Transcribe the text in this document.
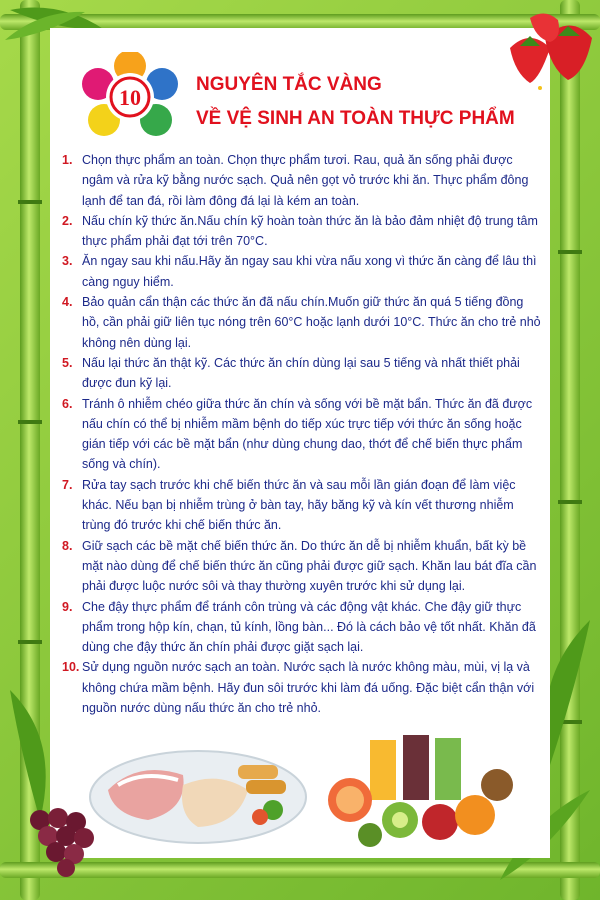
10
NGUYÊN TẮC VÀNG
VỀ VỆ SINH AN TOÀN THỰC PHẨM
1. Chọn thực phẩm an toàn. Chọn thực phẩm tươi. Rau, quả ăn sống phải được ngâm và rửa kỹ bằng nước sạch. Quả nên gọt vỏ trước khi ăn. Thực phẩm đông lạnh để tan đá, rồi làm đông đá lại là kém an toàn.
2. Nấu chín kỹ thức ăn.Nấu chín kỹ hoàn toàn thức ăn là bảo đảm nhiệt độ trung tâm thực phẩm phải đạt tới trên 70°C.
3. Ăn ngay sau khi nấu.Hãy ăn ngay sau khi vừa nấu xong vì thức ăn càng để lâu thì càng nguy hiểm.
4. Bảo quản cẩn thận các thức ăn đã nấu chín.Muốn giữ thức ăn quá 5 tiếng đồng hồ, cần phải giữ liên tục nóng trên 60°C hoặc lạnh dưới 10°C. Thức ăn cho trẻ nhỏ không nên dùng lại.
5. Nấu lại thức ăn thật kỹ. Các thức ăn chín dùng lại sau 5 tiếng và nhất thiết phải được đun kỹ lại.
6. Tránh ô nhiễm chéo giữa thức ăn chín và sống với bề mặt bẩn. Thức ăn đã được nấu chín có thể bị nhiễm mầm bệnh do tiếp xúc trực tiếp với thức ăn sống hoặc gián tiếp với các bề mặt bẩn (như dùng chung dao, thớt để chế biến thực phẩm sống và chín).
7. Rửa tay sạch trước khi chế biến thức ăn và sau mỗi lần gián đoạn để làm việc khác. Nếu bạn bị nhiễm trùng ở bàn tay, hãy băng kỹ và kín vết thương nhiễm trùng đó trước khi chế biến thức ăn.
8. Giữ sạch các bề mặt chế biến thức ăn. Do thức ăn dễ bị nhiễm khuẩn, bất kỳ bề mặt nào dùng để chế biến thức ăn cũng phải được giữ sạch. Khăn lau bát đĩa cần phải được luộc nước sôi và thay thường xuyên trước khi sử dụng lại.
9. Che đậy thực phẩm để tránh côn trùng và các động vật khác. Che đậy giữ thực phẩm trong hộp kín, chạn, tủ kính, lồng bàn... Đó là cách bảo vệ tốt nhất. Khăn đã dùng che đậy thức ăn chín phải được giặt sạch lại.
10. Sử dụng nguồn nước sạch an toàn. Nước sạch là nước không màu, mùi, vị lạ và không chứa mầm bệnh. Hãy đun sôi trước khi làm đá uống. Đặc biệt cẩn thận với nguồn nước dùng nấu thức ăn cho trẻ nhỏ.
